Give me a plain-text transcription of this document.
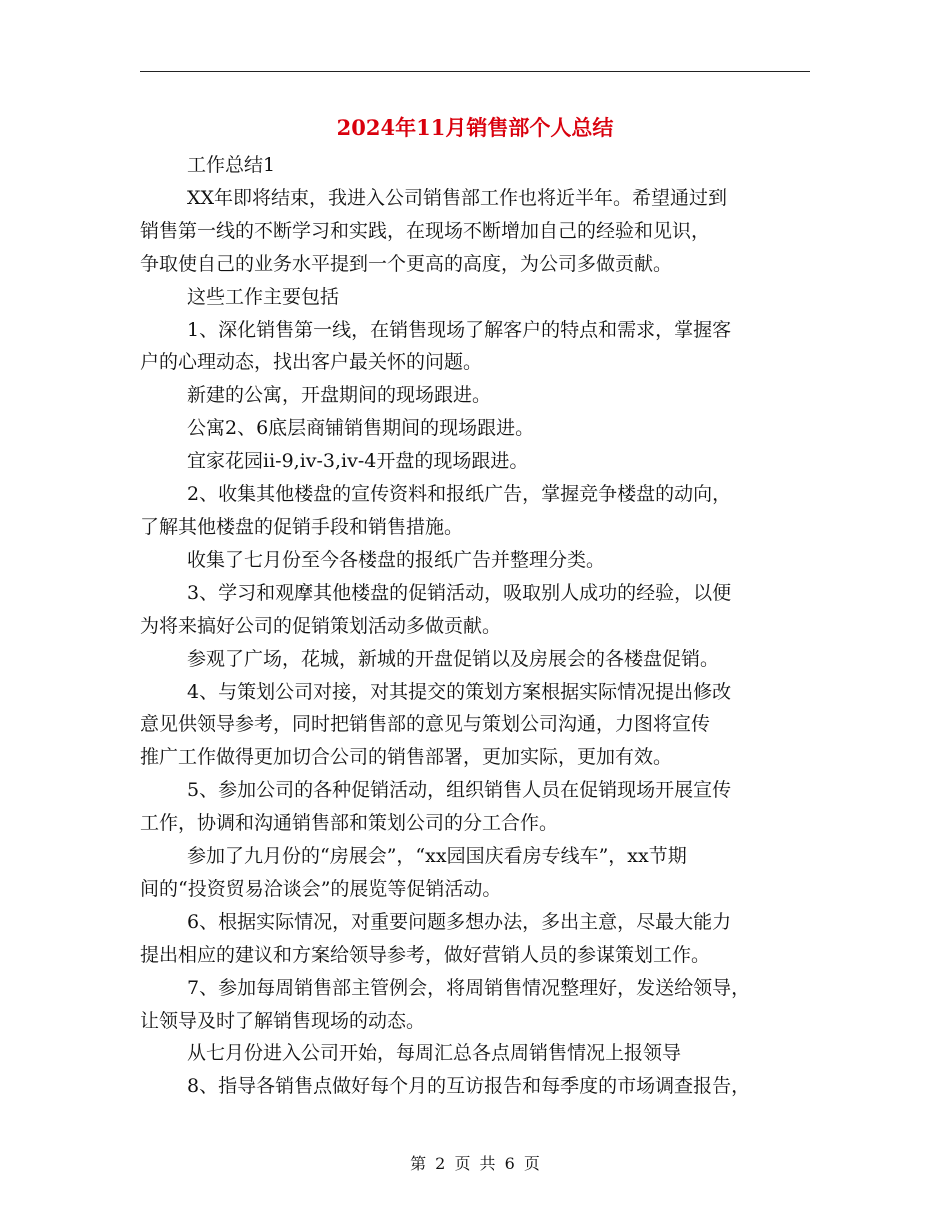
2024年11月销售部个人总结

工作总结1

XX年即将结束，我进入公司销售部工作也将近半年。希望通过到

销售第一线的不断学习和实践，在现场不断增加自己的经验和见识，

争取使自己的业务水平提到一个更高的高度，为公司多做贡献。

这些工作主要包括

1、深化销售第一线，在销售现场了解客户的特点和需求，掌握客

户的心理动态，找出客户最关怀的问题。

新建的公寓，开盘期间的现场跟进。

公寓2、6底层商铺销售期间的现场跟进。

宜家花园ii-9,iv-3,iv-4开盘的现场跟进。

2、收集其他楼盘的宣传资料和报纸广告，掌握竞争楼盘的动向，

了解其他楼盘的促销手段和销售措施。

收集了七月份至今各楼盘的报纸广告并整理分类。

3、学习和观摩其他楼盘的促销活动，吸取别人成功的经验，以便

为将来搞好公司的促销策划活动多做贡献。

参观了广场，花城，新城的开盘促销以及房展会的各楼盘促销。

4、与策划公司对接，对其提交的策划方案根据实际情况提出修改

意见供领导参考，同时把销售部的意见与策划公司沟通，力图将宣传

推广工作做得更加切合公司的销售部署，更加实际，更加有效。

5、参加公司的各种促销活动，组织销售人员在促销现场开展宣传

工作，协调和沟通销售部和策划公司的分工合作。

参加了九月份的“房展会”，“xx园国庆看房专线车”，xx节期

间的“投资贸易洽谈会”的展览等促销活动。

6、根据实际情况，对重要问题多想办法，多出主意，尽最大能力

提出相应的建议和方案给领导参考，做好营销人员的参谋策划工作。

7、参加每周销售部主管例会，将周销售情况整理好，发送给领导，

让领导及时了解销售现场的动态。

从七月份进入公司开始，每周汇总各点周销售情况上报领导

8、指导各销售点做好每个月的互访报告和每季度的市场调查报告，

第 2 页 共 6 页
